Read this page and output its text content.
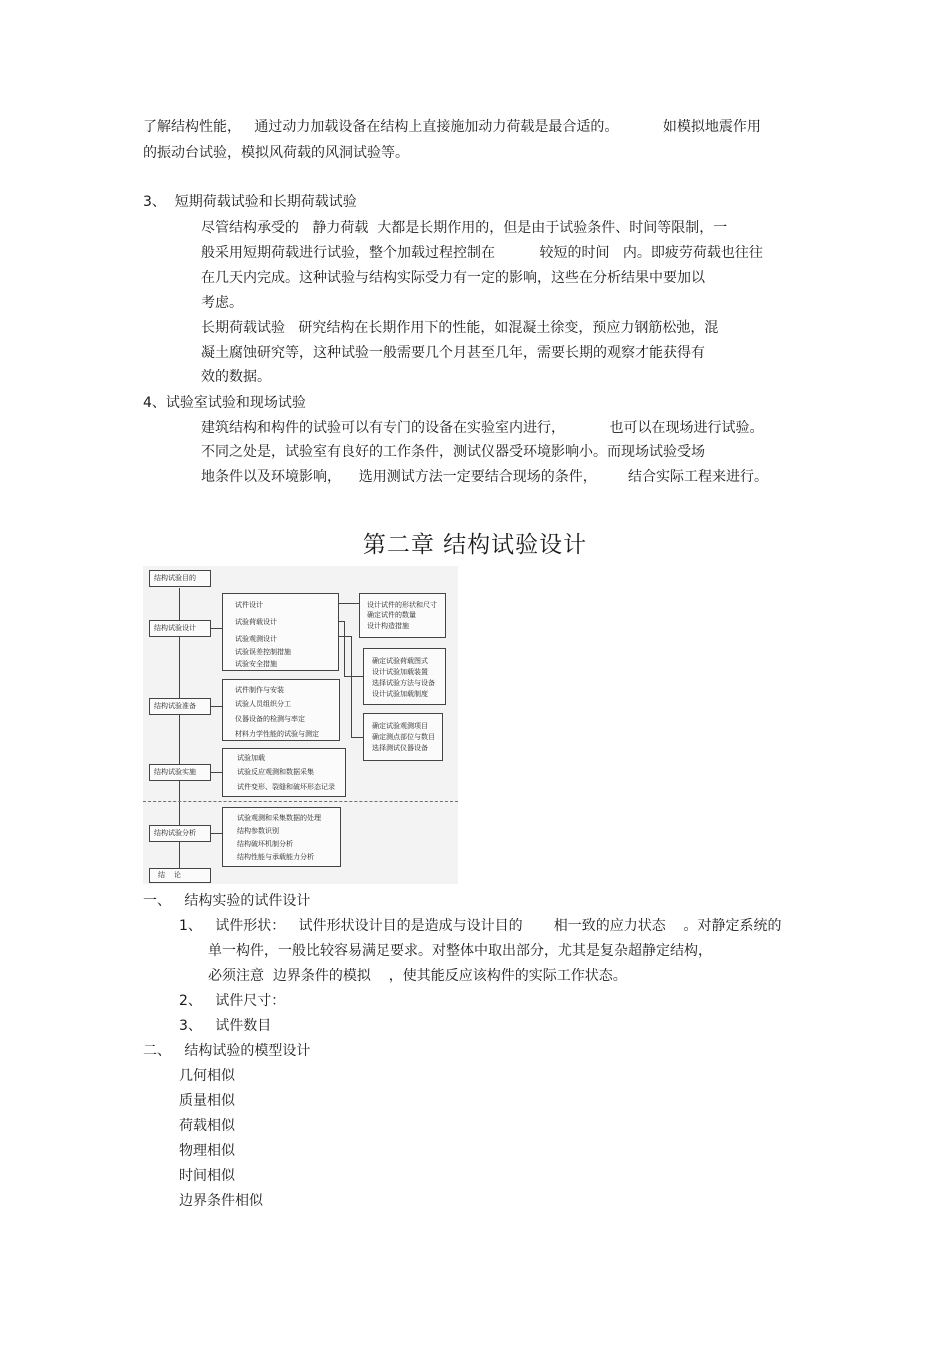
了解结构性能，   通过动力加载设备在结构上直接施加动力荷载是最合适的。          如模拟地震作用
的振动台试验，模拟风荷载的风洞试验等。
3、  短期荷载试验和长期荷载试验
尽管结构承受的   静力荷载  大都是长期作用的，但是由于试验条件、时间等限制，一
般采用短期荷载进行试验，整个加载过程控制在          较短的时间   内。即疲劳荷载也往往
在几天内完成。这种试验与结构实际受力有一定的影响，这些在分析结果中要加以
考虑。
长期荷载试验   研究结构在长期作用下的性能，如混凝土徐变，预应力钢筋松弛，混
凝土腐蚀研究等，这种试验一般需要几个月甚至几年，需要长期的观察才能获得有
效的数据。
4、试验室试验和现场试验
建筑结构和构件的试验可以有专门的设备在实验室内进行，          也可以在现场进行试验。
不同之处是，试验室有良好的工作条件，测试仪器受环境影响小。而现场试验受场
地条件以及环境影响，    选用测试方法一定要结合现场的条件，       结合实际工程来进行。
第二章 结构试验设计
结构试验目的
结构试验设计
结构试验准备
结构试验实施
结构试验分析
结    论
试件设计
试验荷载设计
试验观测设计
试验误差控制措施
试验安全措施
试件制作与安装
试验人员组织分工
仪器设备的检测与率定
材料力学性能的试验与测定
试验加载
试验反应观测和数据采集
试件变形、裂缝和破坏形态记录
试验观测和采集数据的处理
结构参数识别
结构破坏机制分析
结构性能与承载能力分析
设计试件的形状和尺寸
确定试件的数量
设计构造措施
确定试验荷载图式
设计试验加载装置
选择试验方法与设备
设计试验加载制度
确定试验观测项目
确定测点部位与数目
选择测试仪器设备
一、   结构实验的试件设计
1、   试件形状：   试件形状设计目的是造成与设计目的       相一致的应力状态    。对静定系统的
单一构件，一般比较容易满足要求。对整体中取出部分，尤其是复杂超静定结构，
必须注意  边界条件的模拟    ，使其能反应该构件的实际工作状态。
2、   试件尺寸：
3、   试件数目
二、   结构试验的模型设计
几何相似
质量相似
荷载相似
物理相似
时间相似
边界条件相似
